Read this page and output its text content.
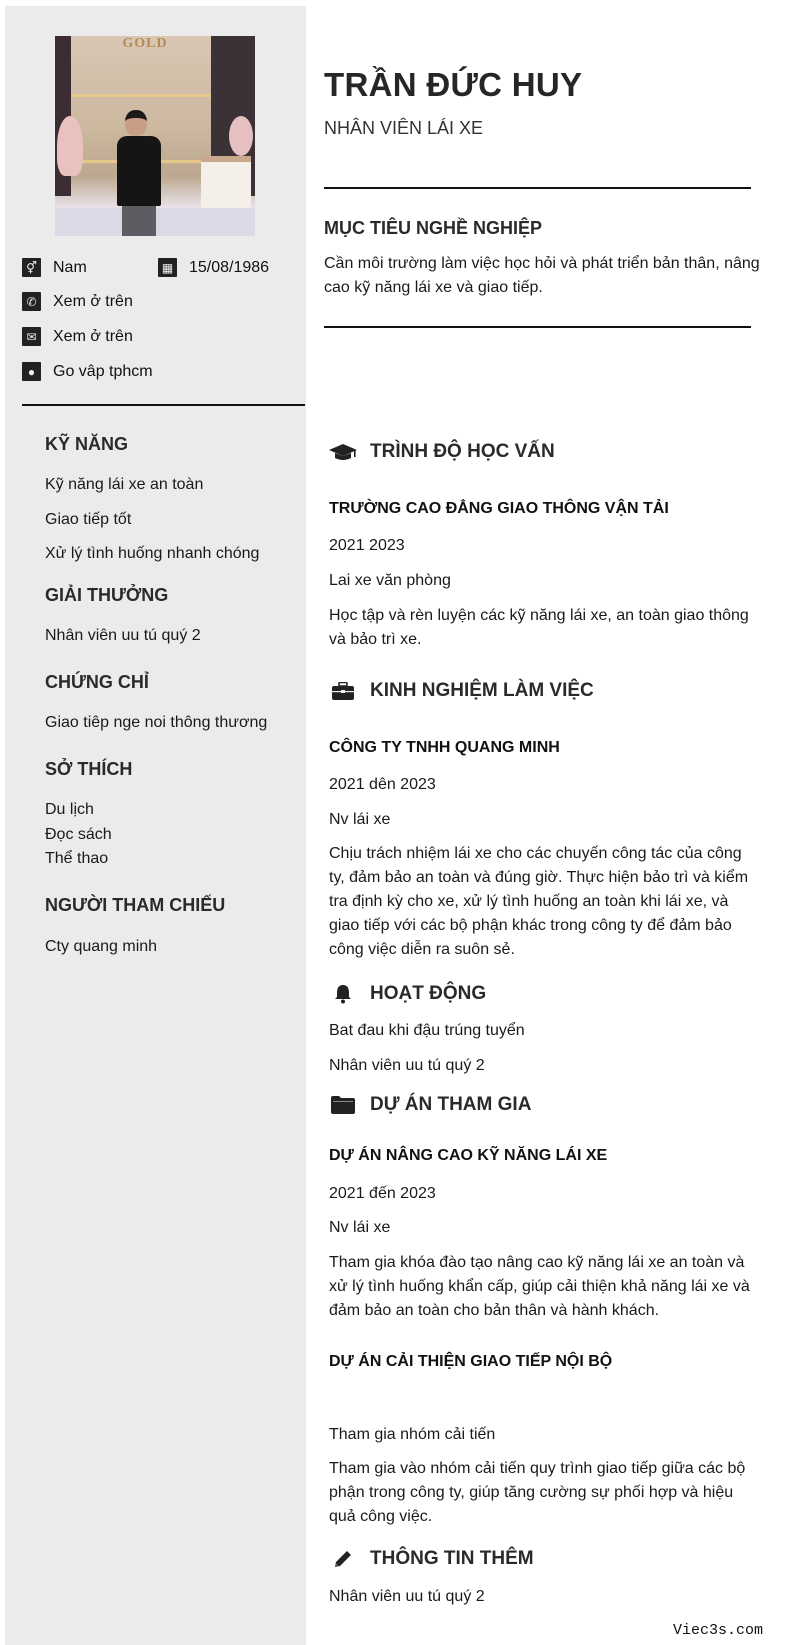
GOLD
⚥ Nam	▦ 15/08/1986
✆ Xem ở trên
✉ Xem ở trên
●	Go vâp tphcm
KỸ NĂNG
Kỹ năng lái xe an toàn
Giao tiếp tốt
Xử lý tình huống nhanh chóng
GIẢI THƯỞNG
Nhân viên uu tú quý 2
CHỨNG CHỈ
Giao tiêp nge noi thông thương
SỞ THÍCH
Du lịch
Đọc sách
Thể thao
NGƯỜI THAM CHIẾU
Cty quang minh
TRẦN ĐỨC HUY
NHÂN VIÊN LÁI XE
MỤC TIÊU NGHỀ NGHIỆP
Cần môi trường làm việc học hỏi và phát triển bản thân, nâng cao kỹ năng lái xe và giao tiếp.
TRÌNH ĐỘ HỌC VẤN
TRƯỜNG CAO ĐẲNG GIAO THÔNG VẬN TẢI
2021 2023
Lai xe văn phòng
Học tập và rèn luyện các kỹ năng lái xe, an toàn giao thông và bảo trì xe.
KINH NGHIỆM LÀM VIỆC
CÔNG TY TNHH QUANG MINH
2021 dên 2023
Nv lái xe
Chịu trách nhiệm lái xe cho các chuyến công tác của công ty, đảm bảo an toàn và đúng giờ. Thực hiện bảo trì và kiểm tra định kỳ cho xe, xử lý tình huống an toàn khi lái xe, và giao tiếp với các bộ phận khác trong công ty để đảm bảo công việc diễn ra suôn sẻ.
HOẠT ĐỘNG
Bat đau khi đậu trúng tuyển
Nhân viên uu tú quý 2
DỰ ÁN THAM GIA
DỰ ÁN NÂNG CAO KỸ NĂNG LÁI XE
2021 đến 2023
Nv lái xe
Tham gia khóa đào tạo nâng cao kỹ năng lái xe an toàn và xử lý tình huống khẩn cấp, giúp cải thiện khả năng lái xe và đảm bảo an toàn cho bản thân và hành khách.
DỰ ÁN CẢI THIỆN GIAO TIẾP NỘI BỘ
Tham gia nhóm cải tiến
Tham gia vào nhóm cải tiến quy trình giao tiếp giữa các bộ phận trong công ty, giúp tăng cường sự phối hợp và hiệu quả công việc.
THÔNG TIN THÊM
Nhân viên uu tú quý 2
Viec3s.com
